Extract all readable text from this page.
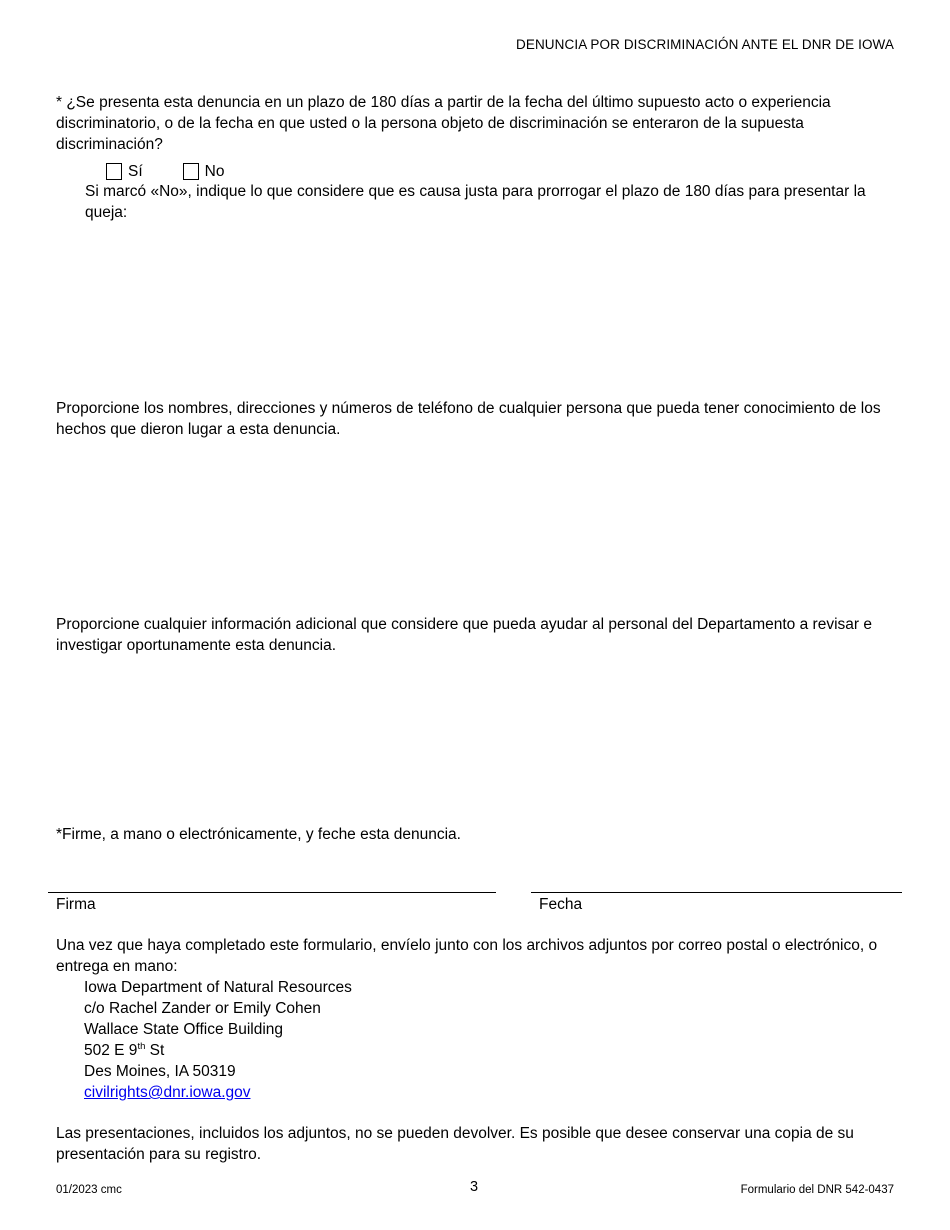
DENUNCIA POR DISCRIMINACIÓN ANTE EL DNR DE IOWA
* ¿Se presenta esta denuncia en un plazo de 180 días a partir de la fecha del último supuesto acto o experiencia discriminatorio, o de la fecha en que usted o la persona objeto de discriminación se enteraron de la supuesta discriminación?
Sí	No
Si marcó «No», indique lo que considere que es causa justa para prorrogar el plazo de 180 días para presentar la queja:
Proporcione los nombres, direcciones y números de teléfono de cualquier persona que pueda tener conocimiento de los hechos que dieron lugar a esta denuncia.
Proporcione cualquier información adicional que considere que pueda ayudar al personal del Departamento a revisar e investigar oportunamente esta denuncia.
*Firme, a mano o electrónicamente, y feche esta denuncia.
Firma	Fecha
Una vez que haya completado este formulario, envíelo junto con los archivos adjuntos por correo postal o electrónico, o entrega en mano:
Iowa Department of Natural Resources
c/o Rachel Zander or Emily Cohen
Wallace State Office Building
502 E 9th St
Des Moines, IA 50319
civilrights@dnr.iowa.gov
Las presentaciones, incluidos los adjuntos, no se pueden devolver. Es posible que desee conservar una copia de su presentación para su registro.
01/2023 cmc	3	Formulario del DNR 542-0437
